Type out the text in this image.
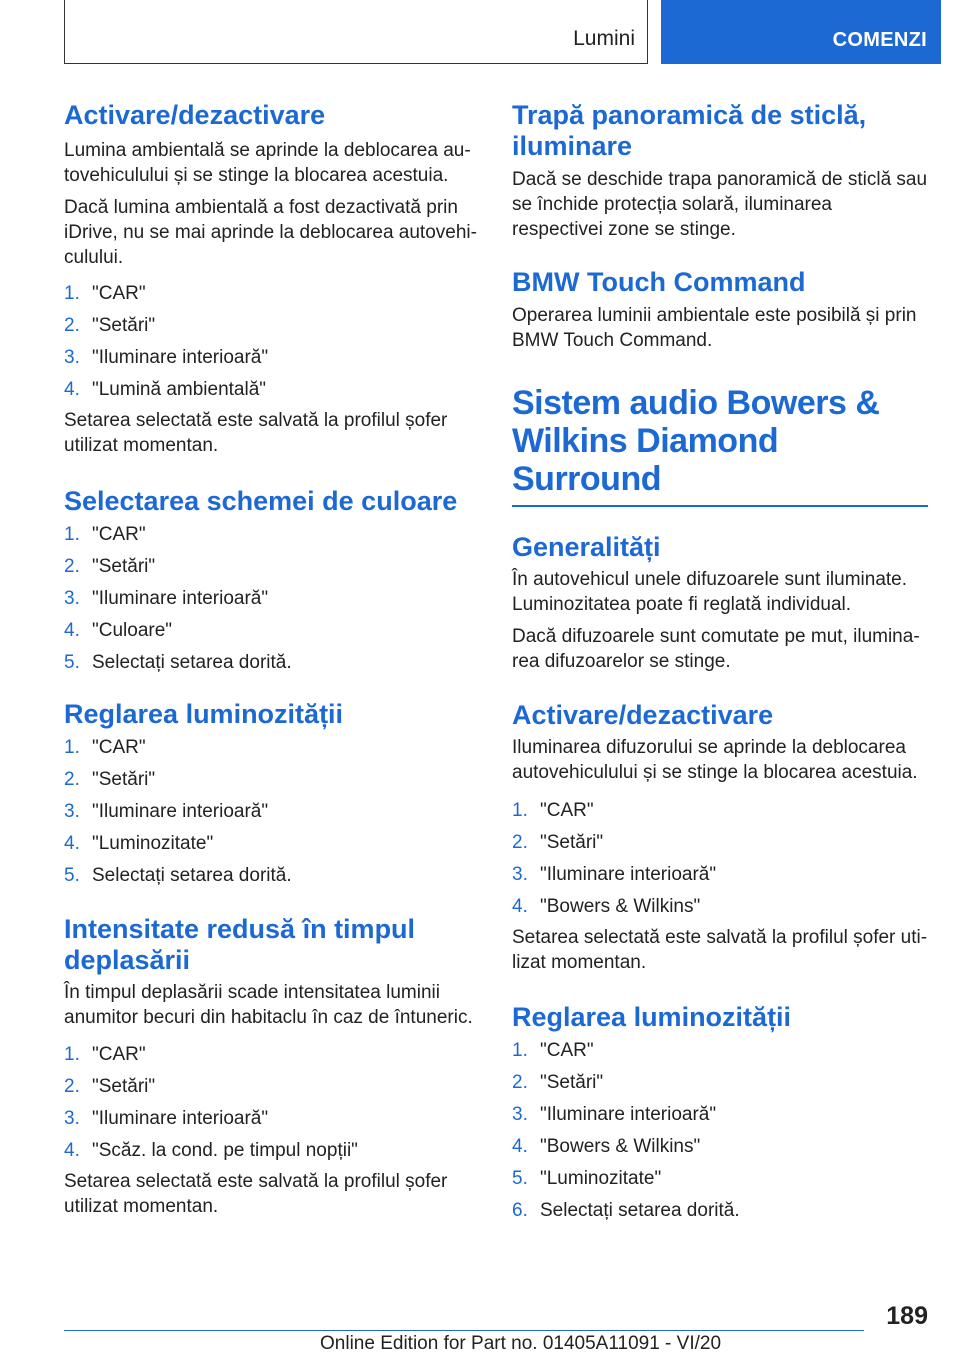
Lumini	COMENZI
Activare/dezactivare

Lumina ambientală se aprinde la deblocarea autovehiculului și se stinge la blocarea acestuia.

Dacă lumina ambientală a fost dezactivată prin iDrive, nu se mai aprinde la deblocarea autovehiculului.

1. "CAR"
2. "Setări"
3. "Iluminare interioară"
4. "Lumină ambientală"

Setarea selectată este salvată la profilul șofer utilizat momentan.

Selectarea schemei de culoare
1. "CAR"
2. "Setări"
3. "Iluminare interioară"
4. "Culoare"
5. Selectați setarea dorită.
Reglarea luminozității
1. "CAR"
2. "Setări"
3. "Iluminare interioară"
4. "Luminozitate"
5. Selectați setarea dorită.
Intensitate redusă în timpul deplasării

În timpul deplasării scade intensitatea luminii anumitor becuri din habitaclu în caz de întuneric.

1. "CAR"
2. "Setări"
3. "Iluminare interioară"
4. "Scăz. la cond. pe timpul nopții"

Setarea selectată este salvată la profilul șofer utilizat momentan.

Trapă panoramică de sticlă, iluminare

Dacă se deschide trapa panoramică de sticlă sau se închide protecția solară, iluminarea respectivei zone se stinge.

BMW Touch Command

Operarea luminii ambientale este posibilă și prin BMW Touch Command.

Sistem audio Bowers & Wilkins Diamond Surround
Generalități

În autovehicul unele difuzoarele sunt iluminate. Luminozitatea poate fi reglată individual.

Dacă difuzoarele sunt comutate pe mut, iluminarea difuzoarelor se stinge.

Activare/dezactivare

Iluminarea difuzorului se aprinde la deblocarea autovehiculului și se stinge la blocarea acestuia.

1. "CAR"
2. "Setări"
3. "Iluminare interioară"
4. "Bowers & Wilkins"

Setarea selectată este salvată la profilul șofer utilizat momentan.

Reglarea luminozității
1. "CAR"
2. "Setări"
3. "Iluminare interioară"
4. "Bowers & Wilkins"
5. "Luminozitate"
6. Selectați setarea dorită.
189
Online Edition for Part no. 01405A11091 - VI/20
